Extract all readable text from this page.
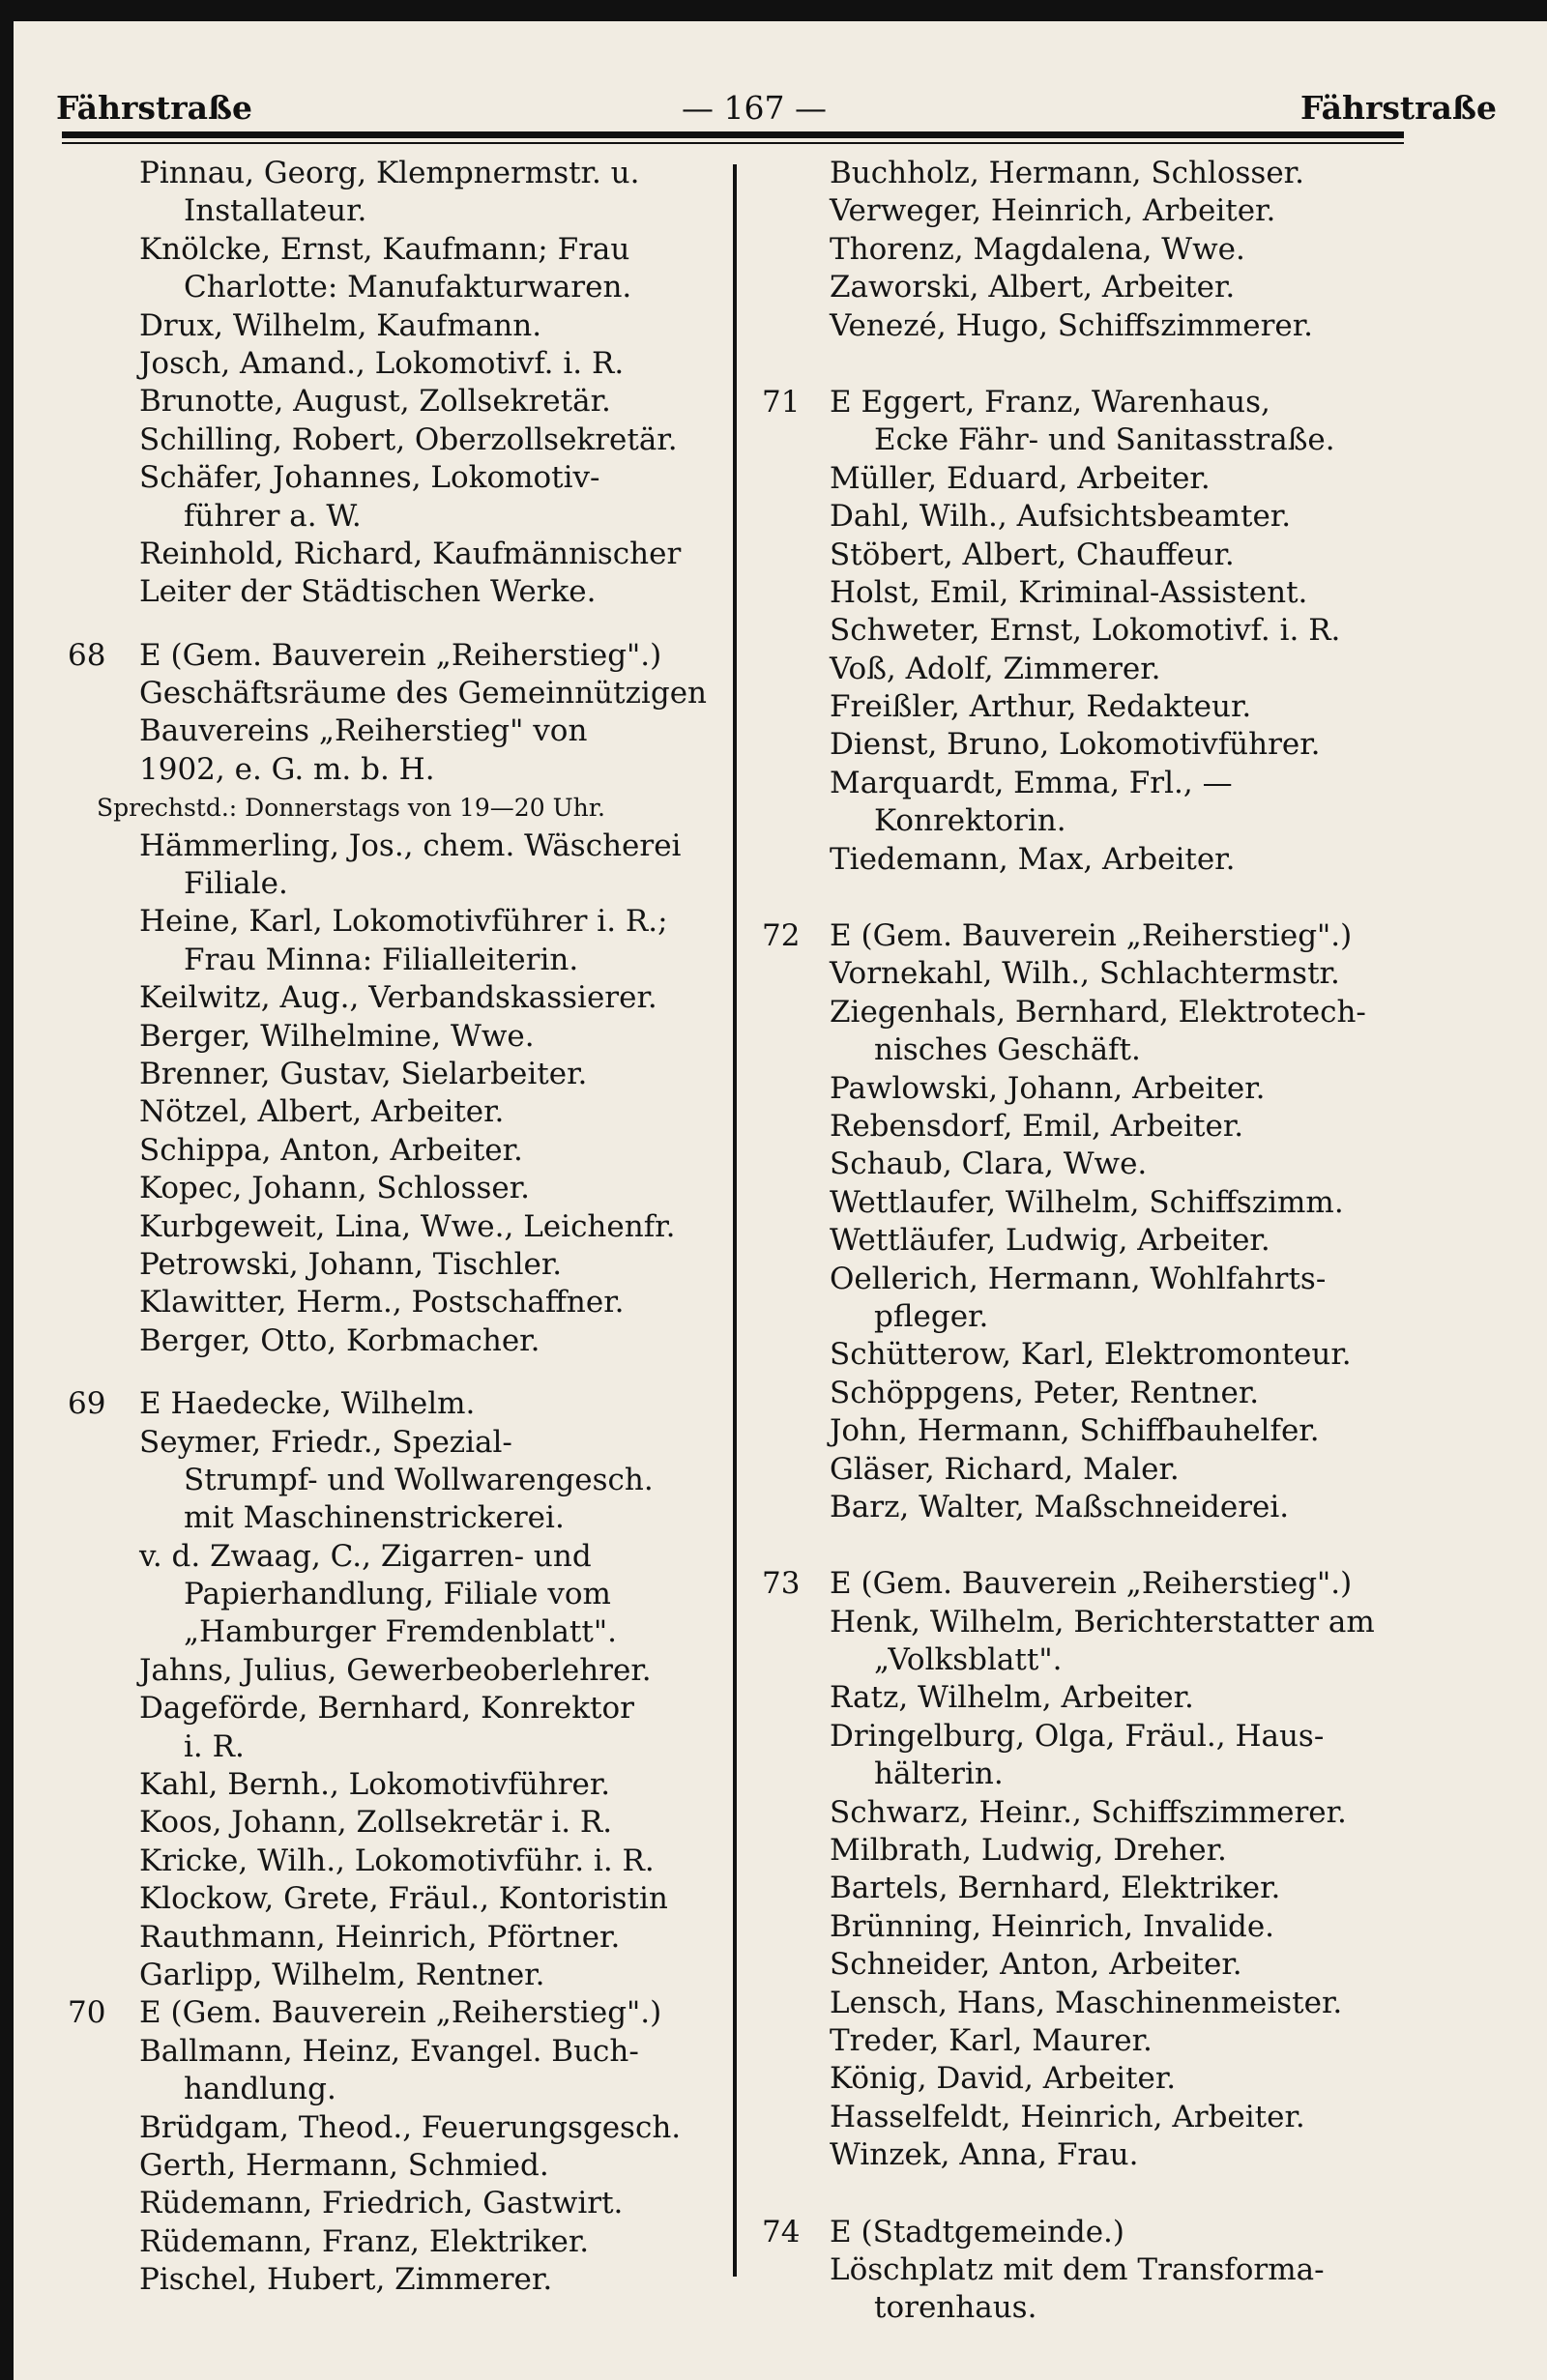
Fährstraße	— 167 —	Fährstraße
Pinnau, Georg, Klempnermstr. u.
Installateur.
Knölcke, Ernst, Kaufmann; Frau
Charlotte: Manufakturwaren.
Drux, Wilhelm, Kaufmann.
Josch, Amand., Lokomotivf. i. R.
Brunotte, August, Zollsekretär.
Schilling, Robert, Oberzollsekretär.
Schäfer, Johannes, Lokomotiv-
führer a. W.
Reinhold, Richard, Kaufmännischer
Leiter der Städtischen Werke.
68 E (Gem. Bauverein „Reiherstieg".)
Geschäftsräume des Gemeinnützigen
Bauvereins „Reiherstieg" von
1902, e. G. m. b. H.
Sprechstd.: Donnerstags von 19—20 Uhr.
Hämmerling, Jos., chem. Wäscherei
Filiale.
Heine, Karl, Lokomotivführer i. R.;
Frau Minna: Filialleiterin.
Keilwitz, Aug., Verbandskassierer.
Berger, Wilhelmine, Wwe.
Brenner, Gustav, Sielarbeiter.
Nötzel, Albert, Arbeiter.
Schippa, Anton, Arbeiter.
Kopec, Johann, Schlosser.
Kurbgeweit, Lina, Wwe., Leichenfr.
Petrowski, Johann, Tischler.
Klawitter, Herm., Postschaffner.
Berger, Otto, Korbmacher.
69 E Haedecke, Wilhelm.
Seymer, Friedr., Spezial-
Strumpf- und Wollwarengesch.
mit Maschinenstrickerei.
v. d. Zwaag, C., Zigarren- und
Papierhandlung, Filiale vom
„Hamburger Fremdenblatt".
Jahns, Julius, Gewerbeoberlehrer.
Dageförde, Bernhard, Konrektor
i. R.
Kahl, Bernh., Lokomotivführer.
Koos, Johann, Zollsekretär i. R.
Kricke, Wilh., Lokomotivführ. i. R.
Klockow, Grete, Fräul., Kontoristin
Rauthmann, Heinrich, Pförtner.
Garlipp, Wilhelm, Rentner.
70 E (Gem. Bauverein „Reiherstieg".)
Ballmann, Heinz, Evangel. Buch-
handlung.
Brüdgam, Theod., Feuerungsgesch.
Gerth, Hermann, Schmied.
Rüdemann, Friedrich, Gastwirt.
Rüdemann, Franz, Elektriker.
Pischel, Hubert, Zimmerer.
Buchholz, Hermann, Schlosser.
Verweger, Heinrich, Arbeiter.
Thorenz, Magdalena, Wwe.
Zaworski, Albert, Arbeiter.
Venezé, Hugo, Schiffszimmerer.
71 E Eggert, Franz, Warenhaus,
Ecke Fähr- und Sanitasstraße.
Müller, Eduard, Arbeiter.
Dahl, Wilh., Aufsichtsbeamter.
Stöbert, Albert, Chauffeur.
Holst, Emil, Kriminal-Assistent.
Schweter, Ernst, Lokomotivf. i. R.
Voß, Adolf, Zimmerer.
Freißler, Arthur, Redakteur.
Dienst, Bruno, Lokomotivführer.
Marquardt, Emma, Frl., —
Konrektorin.
Tiedemann, Max, Arbeiter.
72 E (Gem. Bauverein „Reiherstieg".)
Vornekahl, Wilh., Schlachtermstr.
Ziegenhals, Bernhard, Elektrotech-
nisches Geschäft.
Pawlowski, Johann, Arbeiter.
Rebensdorf, Emil, Arbeiter.
Schaub, Clara, Wwe.
Wettlaufer, Wilhelm, Schiffszimm.
Wettläufer, Ludwig, Arbeiter.
Oellerich, Hermann, Wohlfahrts-
pfleger.
Schütterow, Karl, Elektromonteur.
Schöppgens, Peter, Rentner.
John, Hermann, Schiffbauhelfer.
Gläser, Richard, Maler.
Barz, Walter, Maßschneiderei.
73 E (Gem. Bauverein „Reiherstieg".)
Henk, Wilhelm, Berichterstatter am
„Volksblatt".
Ratz, Wilhelm, Arbeiter.
Dringelburg, Olga, Fräul., Haus-
hälterin.
Schwarz, Heinr., Schiffszimmerer.
Milbrath, Ludwig, Dreher.
Bartels, Bernhard, Elektriker.
Brünning, Heinrich, Invalide.
Schneider, Anton, Arbeiter.
Lensch, Hans, Maschinenmeister.
Treder, Karl, Maurer.
König, David, Arbeiter.
Hasselfeldt, Heinrich, Arbeiter.
Winzek, Anna, Frau.
74 E (Stadtgemeinde.)
Löschplatz mit dem Transforma-
torenhaus.
